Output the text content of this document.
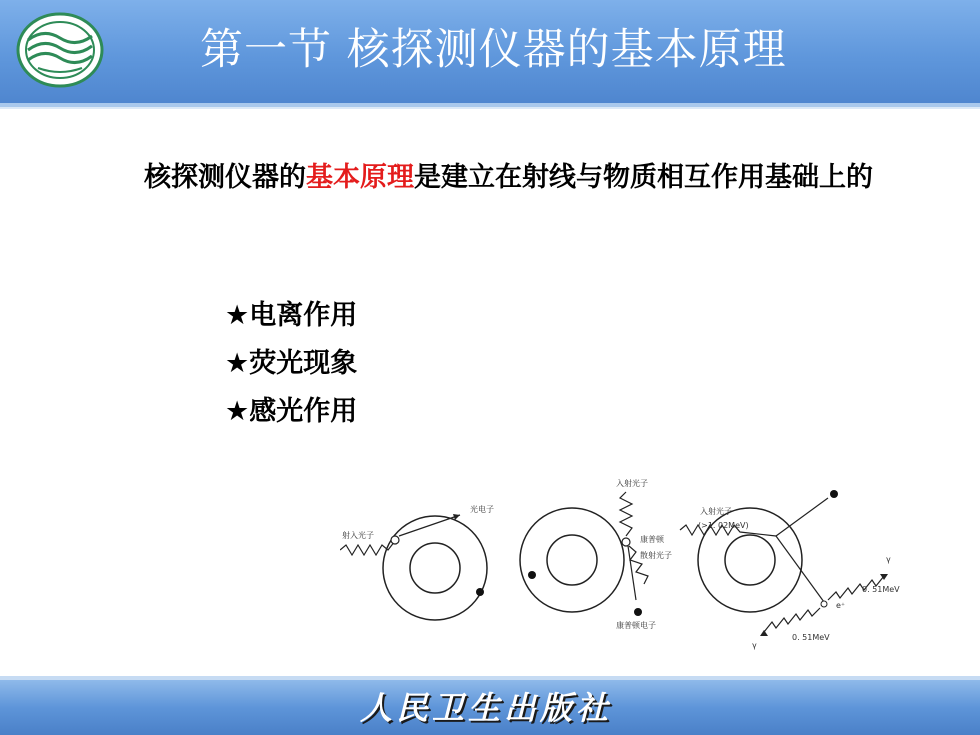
第一节 核探测仪器的基本原理
核探测仪器的基本原理是建立在射线与物质相互作用基础上的
★电离作用
★荧光现象
★感光作用
射入光子
光电子
入射光子
康普顿
散射光子
康普顿电子
入射光子
(>1. 02MeV)
γ
0. 51MeV
e⁺
γ
0. 51MeV
人民卫生出版社
